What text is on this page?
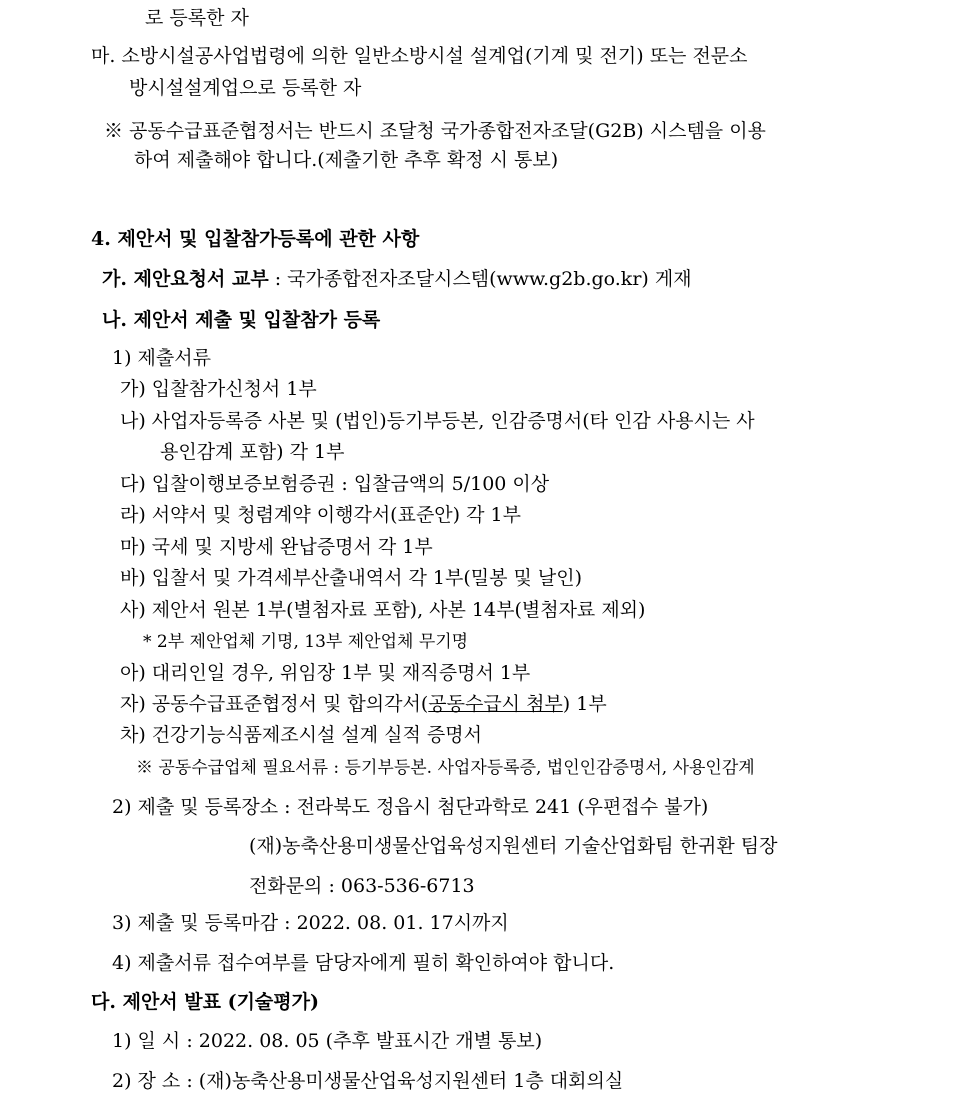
로 등록한 자
마. 소방시설공사업법령에 의한 일반소방시설 설계업(기계 및 전기) 또는 전문소
방시설설계업으로 등록한 자
※ 공동수급표준협정서는 반드시 조달청 국가종합전자조달(G2B) 시스템을 이용
하여 제출해야 합니다.(제출기한 추후 확정 시 통보)
4. 제안서 및 입찰참가등록에 관한 사항
가. 제안요청서 교부 : 국가종합전자조달시스템(www.g2b.go.kr) 게재
나. 제안서 제출 및 입찰참가 등록
1) 제출서류
가) 입찰참가신청서 1부
나) 사업자등록증 사본 및 (법인)등기부등본, 인감증명서(타 인감 사용시는 사
용인감계 포함) 각 1부
다) 입찰이행보증보험증권 : 입찰금액의 5/100 이상
라) 서약서 및 청렴계약 이행각서(표준안) 각 1부
마) 국세 및 지방세 완납증명서 각 1부
바) 입찰서 및 가격세부산출내역서 각 1부(밀봉 및 날인)
사) 제안서 원본 1부(별첨자료 포함), 사본 14부(별첨자료 제외)
* 2부 제안업체 기명, 13부 제안업체 무기명
아) 대리인일 경우, 위임장 1부 및 재직증명서 1부
자) 공동수급표준협정서 및 합의각서(공동수급시 첨부) 1부
차) 건강기능식품제조시설 설계 실적 증명서
※ 공동수급업체 필요서류 : 등기부등본. 사업자등록증, 법인인감증명서, 사용인감계
2) 제출 및 등록장소 : 전라북도 정읍시 첨단과학로 241 (우편접수 불가)
(재)농축산용미생물산업육성지원센터 기술산업화팀 한귀환 팀장
전화문의 : 063-536-6713
3) 제출 및 등록마감 : 2022. 08. 01. 17시까지
4) 제출서류 접수여부를 담당자에게 필히 확인하여야 합니다.
다. 제안서 발표 (기술평가)
1) 일 시 : 2022. 08. 05 (추후 발표시간 개별 통보)
2) 장 소 : (재)농축산용미생물산업육성지원센터 1층 대회의실
